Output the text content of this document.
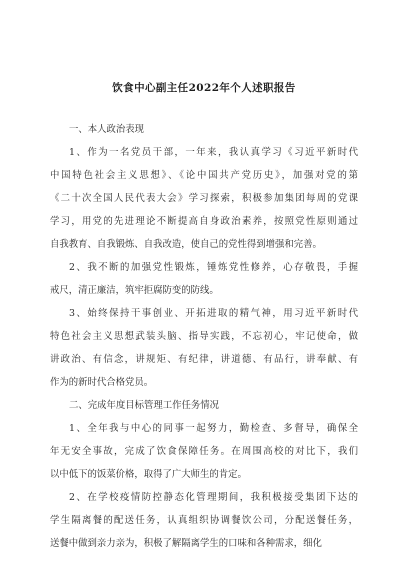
饮食中心副主任2022年个人述职报告
一、本人政治表现
1、作为一名党员干部，一年来，我认真学习《习近平新时代
中国特色社会主义思想》、《论中国共产党历史》，加强对党的第
《二十次全国人民代表大会》学习探索，积极参加集团每周的党课
学习，用党的先进理论不断提高自身政治素养，按照党性原则通过
自我教育、自我锻炼、自我改造，使自己的党性得到增强和完善。
2、我不断的加强党性锻炼，锤炼党性修养，心存敬畏，手握
戒尺，清正廉洁，筑牢拒腐防变的防线。
3、始终保持干事创业、开拓进取的精气神，用习近平新时代
特色社会主义思想武装头脑、指导实践，不忘初心，牢记使命，做
讲政治、有信念，讲规矩、有纪律，讲道德、有品行，讲奉献、有
作为的新时代合格党员。
二、完成年度目标管理工作任务情况
1、全年我与中心的同事一起努力，勤检查、多督导，确保全
年无安全事故，完成了饮食保障任务。在周围高校的对比下，我们
以中低下的饭菜价格，取得了广大师生的肯定。
2、在学校疫情防控静态化管理期间，我积极接受集团下达的
学生隔离餐的配送任务，认真组织协调餐饮公司，分配送餐任务，
送餐中做到亲力亲为，积极了解隔离学生的口味和各种需求，细化
